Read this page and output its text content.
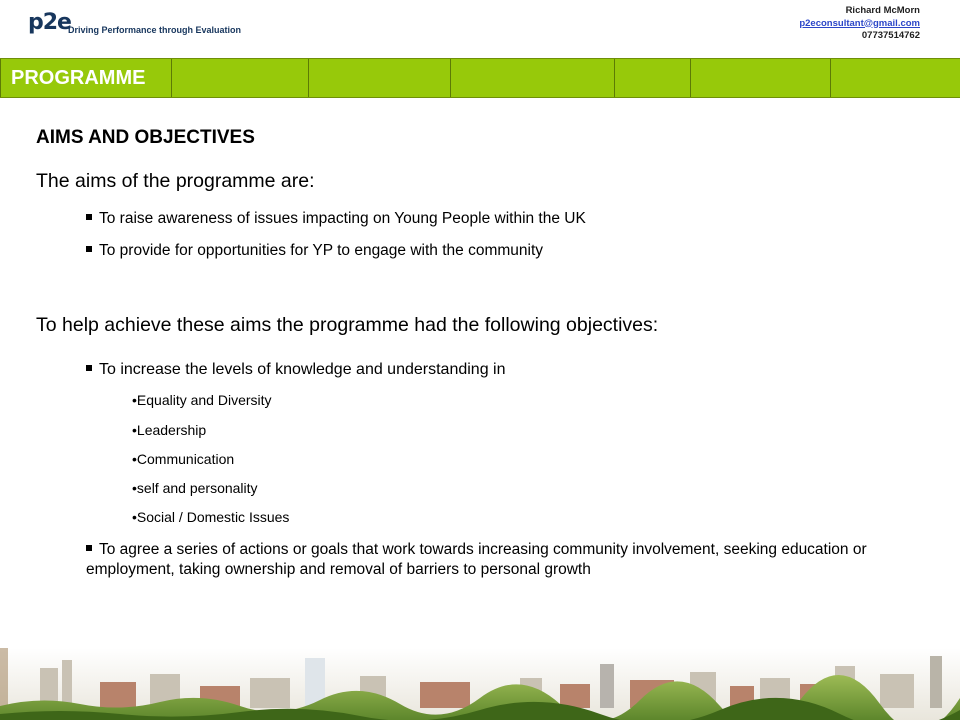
p2e
Driving Performance through Evaluation
Richard McMorn
p2econsultant@gmail.com
07737514762
PROGRAMME
AIMS AND OBJECTIVES
The aims of the programme are:
To raise awareness of issues impacting on Young People within the UK
To provide for opportunities for YP to engage with the community
To help achieve these aims the programme had the following objectives:
To increase the levels of knowledge and understanding in
•Equality and Diversity
•Leadership
•Communication
•self and personality
•Social / Domestic Issues
To agree a series of actions or goals that work towards increasing community involvement, seeking education or employment, taking ownership and removal of barriers to personal growth
